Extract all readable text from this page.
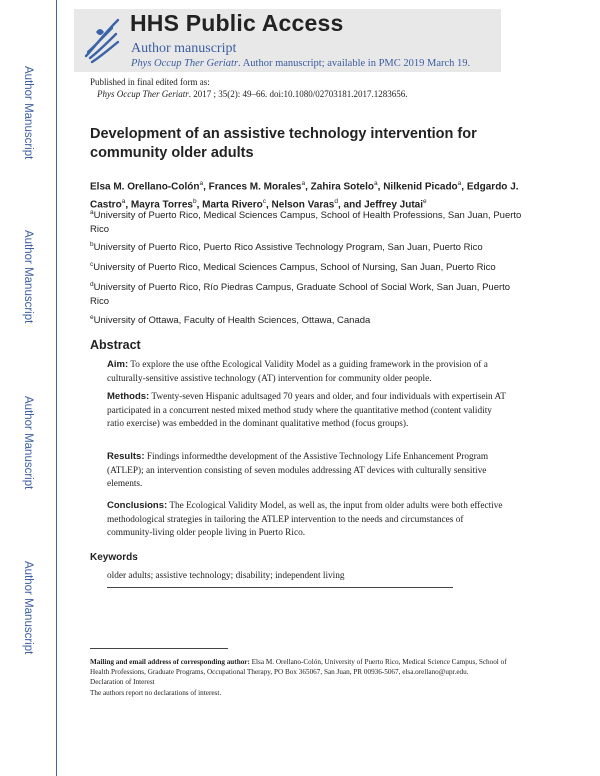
Author Manuscript
Author Manuscript
Author Manuscript
Author Manuscript
HHS Public Access
Author manuscript
Phys Occup Ther Geriatr. Author manuscript; available in PMC 2019 March 19.
Published in final edited form as:
Phys Occup Ther Geriatr. 2017 ; 35(2): 49–66. doi:10.1080/02703181.2017.1283656.
Development of an assistive technology intervention for community older adults
Elsa M. Orellano-Colón$^a$, Frances M. Morales$^a$, Zahira Sotelo$^a$, Nilkenid Picado$^a$, Edgardo J. Castro$^a$, Mayra Torres$^b$, Marta Rivero$^c$, Nelson Varas$^d$, and Jeffrey Jutai$^e$
$^a$University of Puerto Rico, Medical Sciences Campus, School of Health Professions, San Juan, Puerto Rico
$^b$University of Puerto Rico, Puerto Rico Assistive Technology Program, San Juan, Puerto Rico
$^c$University of Puerto Rico, Medical Sciences Campus, School of Nursing, San Juan, Puerto Rico
$^d$University of Puerto Rico, Río Piedras Campus, Graduate School of Social Work, San Juan, Puerto Rico
$^e$University of Ottawa, Faculty of Health Sciences, Ottawa, Canada
Abstract
Aim: To explore the use ofthe Ecological Validity Model as a guiding framework in the provision of a culturally-sensitive assistive technology (AT) intervention for community older people.
Methods: Twenty-seven Hispanic adultsaged 70 years and older, and four individuals with expertisein AT participated in a concurrent nested mixed method study where the quantitative method (content validity ratio exercise) was embedded in the dominant qualitative method (focus groups).
Results: Findings informedthe development of the Assistive Technology Life Enhancement Program (ATLEP); an intervention consisting of seven modules addressing AT devices with culturally sensitive elements.
Conclusions: The Ecological Validity Model, as well as, the input from older adults were both effective methodological strategies in tailoring the ATLEP intervention to the needs and circumstances of community-living older people living in Puerto Rico.
Keywords
older adults; assistive technology; disability; independent living
Mailing and email address of corresponding author: Elsa M. Orellano-Colón, University of Puerto Rico, Medical Science Campus, School of Health Professions, Graduate Programs, Occupational Therapy, PO Box 365067, San Juan, PR 00936-5067, elsa.orellano@upr.edu.
Declaration of Interest
The authors report no declarations of interest.
